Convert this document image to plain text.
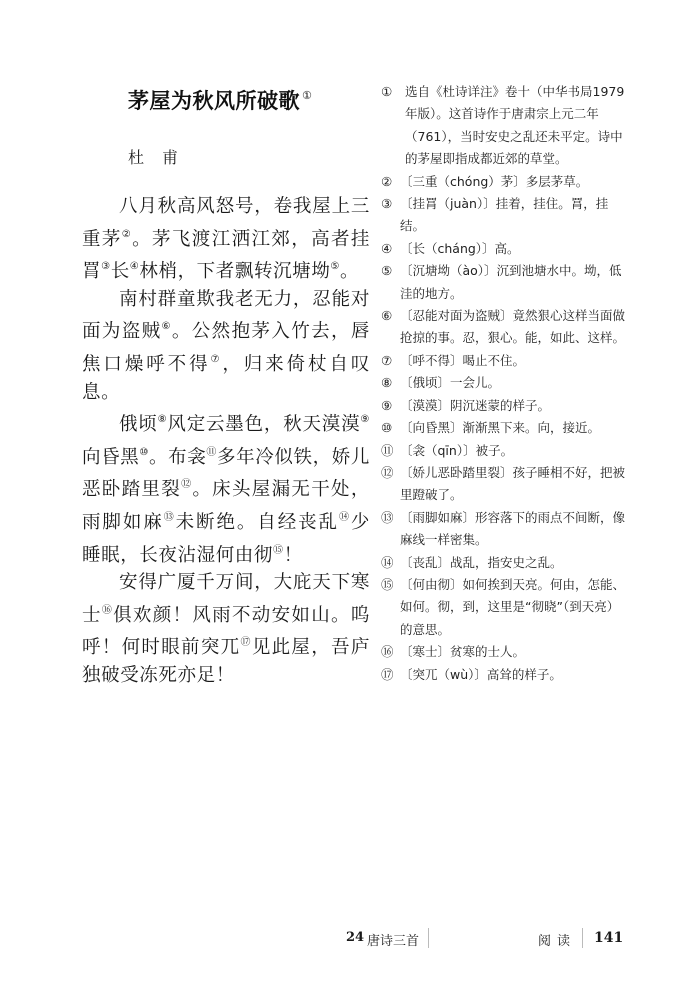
茅屋为秋风所破歌 ①
杜甫

八月秋高风怒号，卷我屋上三重茅②。茅飞渡江洒江郊，高者挂罥③长④林梢，下者飘转沉塘坳⑤。

南村群童欺我老无力，忍能对面为盗贼⑥。公然抱茅入竹去，唇焦口燥呼不得⑦，归来倚杖自叹息。

俄顷⑧风定云墨色，秋天漠漠⑨向昏黑⑩。布衾⑪多年冷似铁，娇儿恶卧踏里裂⑫。床头屋漏无干处，雨脚如麻⑬未断绝。自经丧乱⑭少睡眠，长夜沾湿何由彻⑮！

安得广厦千万间，大庇天下寒士⑯俱欢颜！风雨不动安如山。呜呼！何时眼前突兀⑰见此屋，吾庐独破受冻死亦足！

①	选自《杜诗详注》卷十（中华书局1979年版）。这首诗作于唐肃宗上元二年（761），当时安史之乱还未平定。诗中的茅屋即指成都近郊的草堂。
② 〔三重（chóng）茅〕多层茅草。
③ 〔挂罥（juàn）〕挂着，挂住。罥，挂结。
④ 〔长（cháng）〕高。
⑤ 〔沉塘坳（ào）〕沉到池塘水中。坳，低洼的地方。
⑥ 〔忍能对面为盗贼〕竟然狠心这样当面做抢掠的事。忍，狠心。能，如此、这样。
⑦ 〔呼不得〕喝止不住。
⑧ 〔俄顷〕一会儿。
⑨ 〔漠漠〕阴沉迷蒙的样子。
⑩ 〔向昏黑〕渐渐黑下来。向，接近。
⑪ 〔衾（qīn）〕被子。
⑫ 〔娇儿恶卧踏里裂〕孩子睡相不好，把被里蹬破了。
⑬ 〔雨脚如麻〕形容落下的雨点不间断，像麻线一样密集。
⑭ 〔丧乱〕战乱，指安史之乱。
⑮ 〔何由彻〕如何挨到天亮。何由，怎能、如何。彻，到，这里是“彻晓”（到天亮）的意思。
⑯ 〔寒士〕贫寒的士人。
⑰ 〔突兀（wù）〕高耸的样子。
24 唐诗三首	阅读 141
